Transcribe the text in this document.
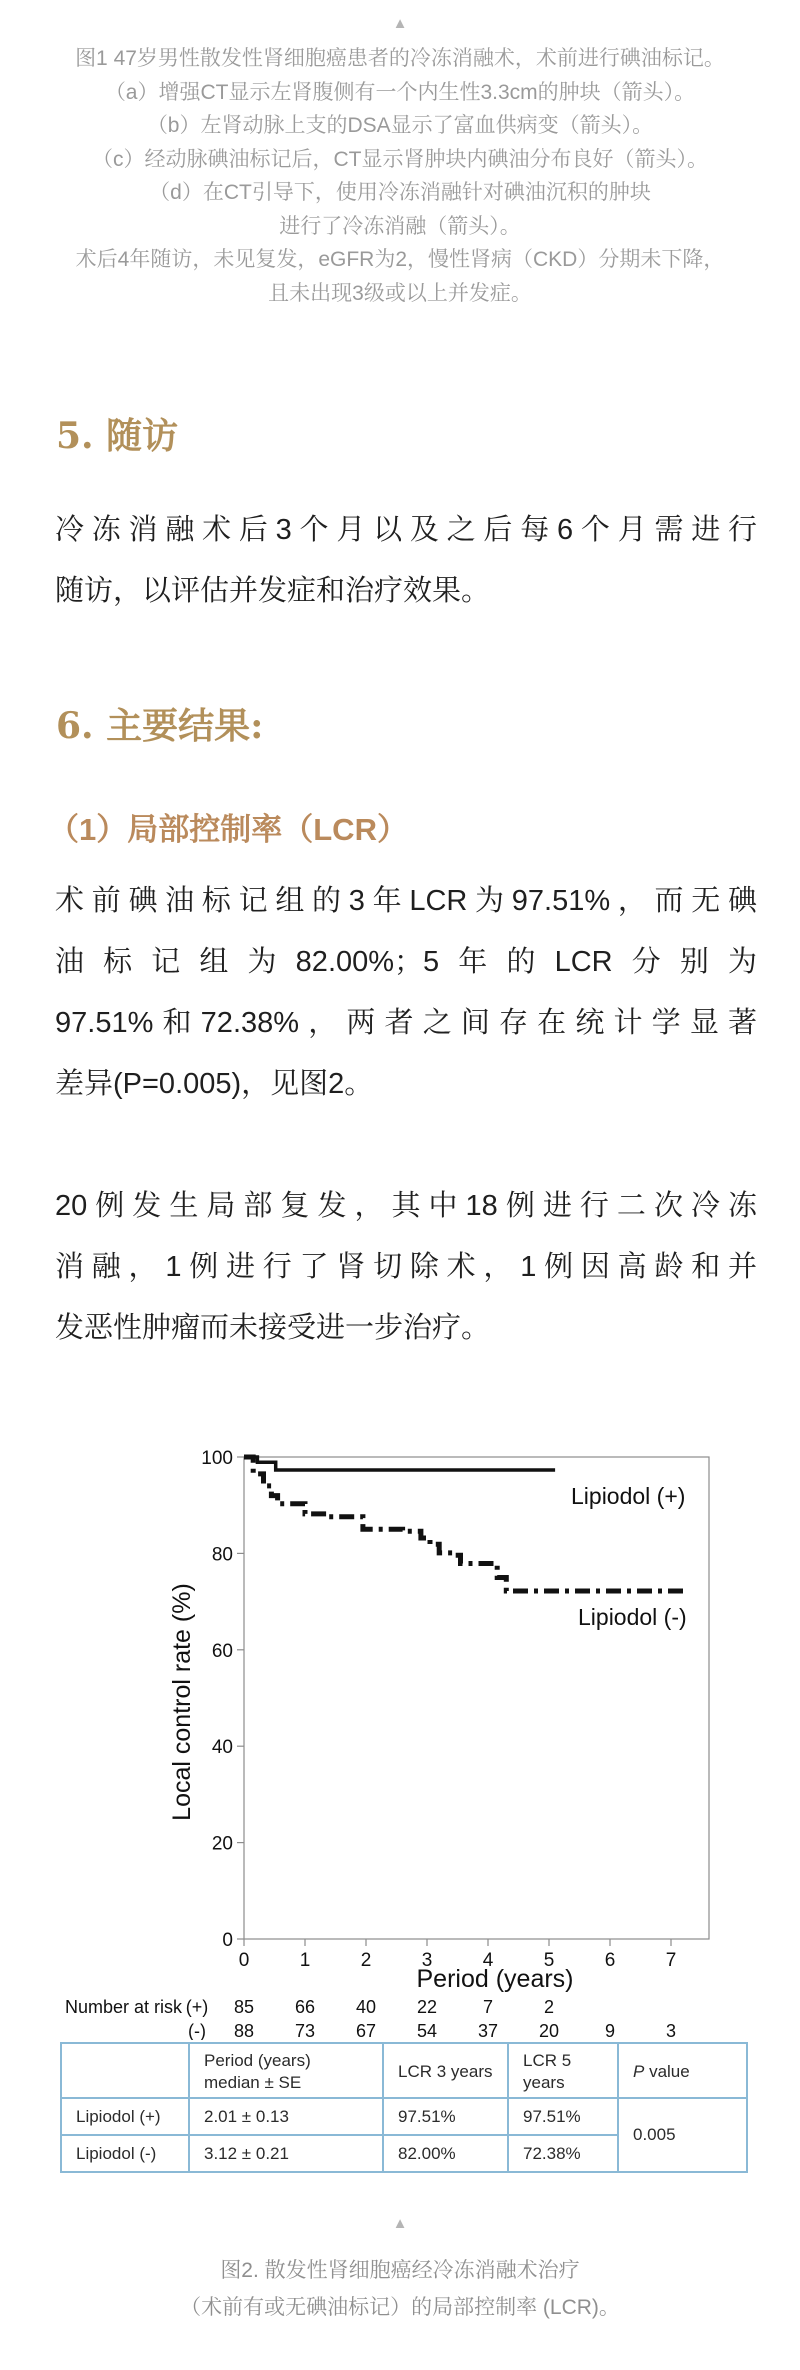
▲
图1 47岁男性散发性肾细胞癌患者的冷冻消融术，术前进行碘油标记。
（a）增强CT显示左肾腹侧有一个内生性3.3cm的肿块（箭头）。
（b）左肾动脉上支的DSA显示了富血供病变（箭头）。
（c）经动脉碘油标记后，CT显示肾肿块内碘油分布良好（箭头）。
（d）在CT引导下，使用冷冻消融针对碘油沉积的肿块
进行了冷冻消融（箭头）。
术后4年随访，未见复发，eGFR为2，慢性肾病（CKD）分期未下降，
且未出现3级或以上并发症。
5. 随访
冷冻消融术后3个月以及之后每6个月需进行
随访，以评估并发症和治疗效果。
6. 主要结果:
（1）局部控制率（LCR）
术前碘油标记组的3年LCR为97.51%，而无碘
油标记组为82.00%；5年的LCR分别为
97.51%和72.38%，两者之间存在统计学显著
差异(P=0.005)，见图2。
20例发生局部复发，其中18例进行二次冷冻
消融，1例进行了肾切除术，1例因高龄和并
发恶性肿瘤而未接受进一步治疗。
0
20
40
60
80
100
0	1	2	3	4	5	6	7
Local control rate (%)
Period (years)
Lipiodol (+)
Lipiodol (-)
Number at risk (+) 85 66 40 22	7	2
(-) 88 73 67 54 37 20	9	3
	Period (years)
median ± SE	LCR 3 years	LCR 5 years	P value
Lipiodol (+)	2.01 ± 0.13	97.51%	97.51%	0.005
Lipiodol (-)	3.12 ± 0.21	82.00%	72.38%	
▲
图2. 散发性肾细胞癌经冷冻消融术治疗
（术前有或无碘油标记）的局部控制率 (LCR)。
